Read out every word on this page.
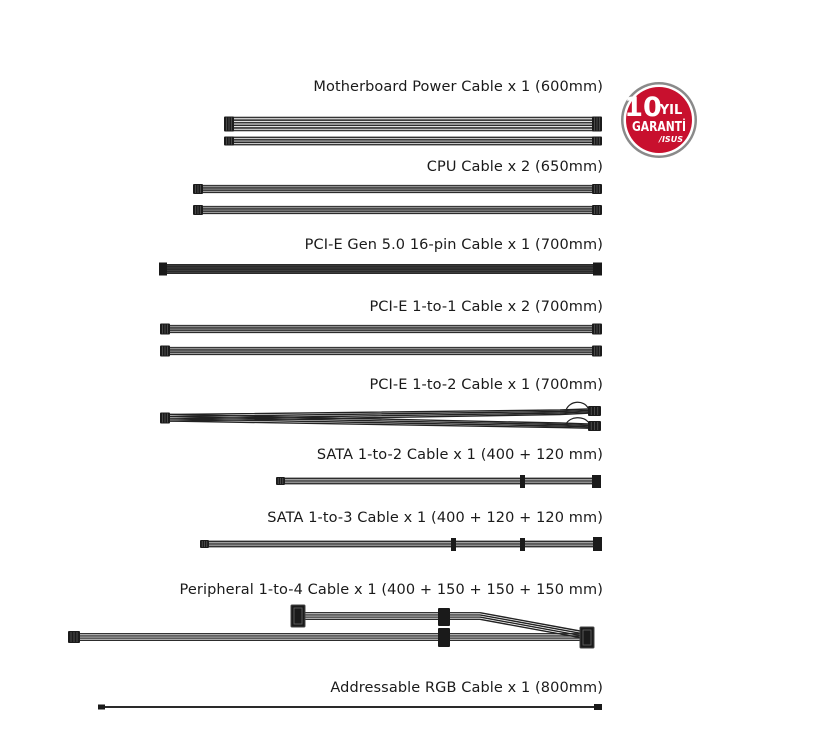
Motherboard Power Cable x 1 (600mm)
CPU Cable x 2 (650mm)
PCI-E Gen 5.0 16-pin Cable x 1 (700mm)
PCI-E 1-to-1 Cable x 2 (700mm)
PCI-E 1-to-2 Cable x 1 (700mm)
SATA 1-to-2 Cable x 1 (400 + 120 mm)
SATA 1-to-3 Cable x 1 (400 + 120 + 120 mm)
Peripheral 1-to-4 Cable x 1 (400 + 150 + 150 + 150 mm)
Addressable RGB Cable x 1 (800mm)
10
YIL
GARANTİ
/ISUS
